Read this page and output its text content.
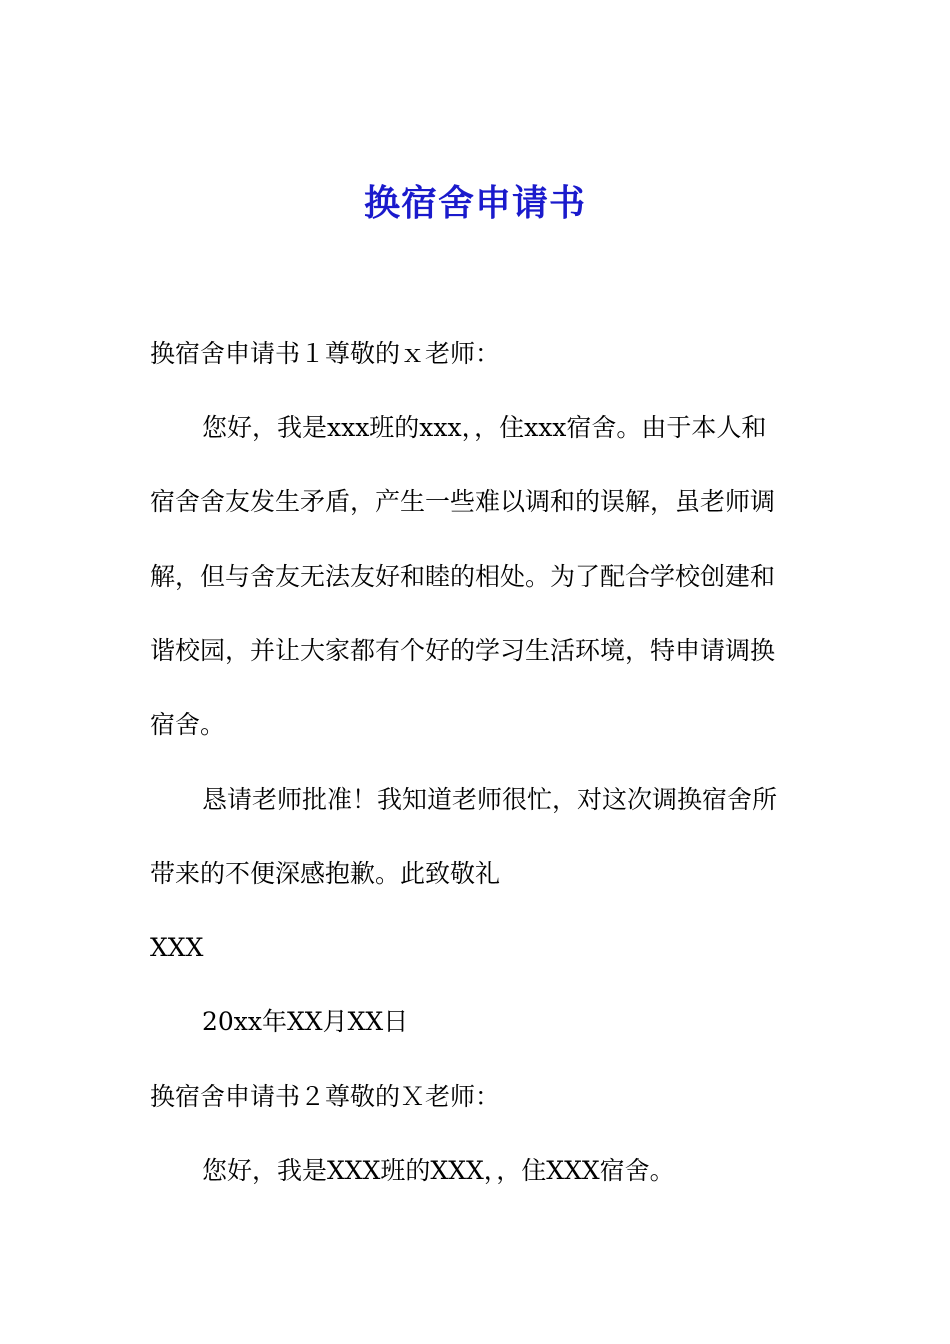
换宿舍申请书
换宿舍申请书１尊敬的ｘ老师：
您好，我是xxx班的xxx，，住xxx宿舍。由于本人和
宿舍舍友发生矛盾，产生一些难以调和的误解，虽老师调
解，但与舍友无法友好和睦的相处。为了配合学校创建和
谐校园，并让大家都有个好的学习生活环境，特申请调换
宿舍。
恳请老师批准！我知道老师很忙，对这次调换宿舍所
带来的不便深感抱歉。此致敬礼
XXX
20xx年XX月XX日
换宿舍申请书２尊敬的Ｘ老师：
您好，我是XXX班的XXX，，住XXX宿舍。
